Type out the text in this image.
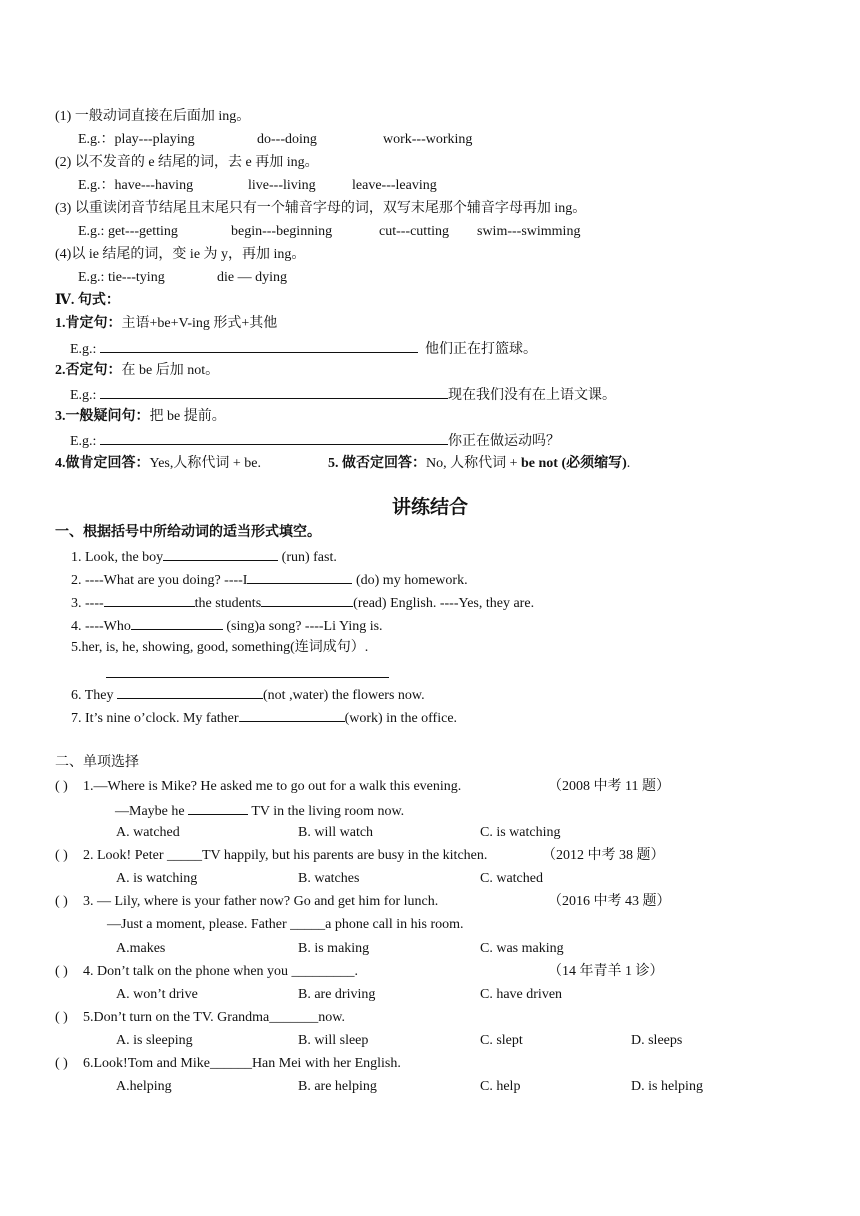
(1) 一般动词直接在后面加 ing。
E.g.：play---playing	do---doing	work---working
(2) 以不发音的 e 结尾的词，去 e 再加 ing。
E.g.：have---having	live---living	leave---leaving
(3) 以重读闭音节结尾且末尾只有一个辅音字母的词，双写末尾那个辅音字母再加 ing。
E.g.: get---getting	begin---beginning	cut---cutting swim---swimming
(4)以 ie 结尾的词，变 ie 为 y，再加 ing。
E.g.: tie---tying	die — dying
Ⅳ. 句式：
1.肯定句：主语+be+V-ing 形式+其他
E.g.:	他们正在打篮球。
2.否定句：在 be 后加 not。
E.g.:	现在我们没有在上语文课。
3.一般疑问句：把 be 提前。
E.g.:	你正在做运动吗？
4.做肯定回答：Yes,人称代词 + be.	5. 做否定回答：No, 人称代词 + be not (必须缩写).
讲练结合
一、根据括号中所给动词的适当形式填空。
1. Look, the boy	(run) fast.
2. ----What are you doing? ----I	(do) my homework.
3. ----	the students	(read) English. ----Yes, they are.
4. ----Who	(sing)a song? ----Li Ying is.
5.her, is, he, showing, good, something(连词成句）.
6. They	(not ,water) the flowers now.
7. It’s nine o’clock. My father	(work) in the office.
二、单项选择
( ) 1.—Where is Mike? He asked me to go out for a walk this evening.	（2008 中考 11 题）
—Maybe he	TV in the living room now.
A. watched	B. will watch	C. is watching
( ) 2. Look! Peter _____TV happily, but his parents are busy in the kitchen.	（2012 中考 38 题）
A. is watching	B. watches	C. watched
( ) 3. — Lily, where is your father now? Go and get him for lunch.	（2016 中考 43 题）
—Just a moment, please. Father _____a phone call in his room.
A.makes	B. is making	C. was making
( ) 4. Don’t talk on the phone when you _________.	（14 年青羊 1 诊）
A. won’t drive	B. are driving	C. have driven
( ) 5.Don’t turn on the TV. Grandma_______now.
A. is sleeping	B. will sleep	C. slept	D. sleeps
( ) 6.Look!Tom and Mike______Han Mei with her English.
A.helping	B. are helping	C. help	D. is helping
